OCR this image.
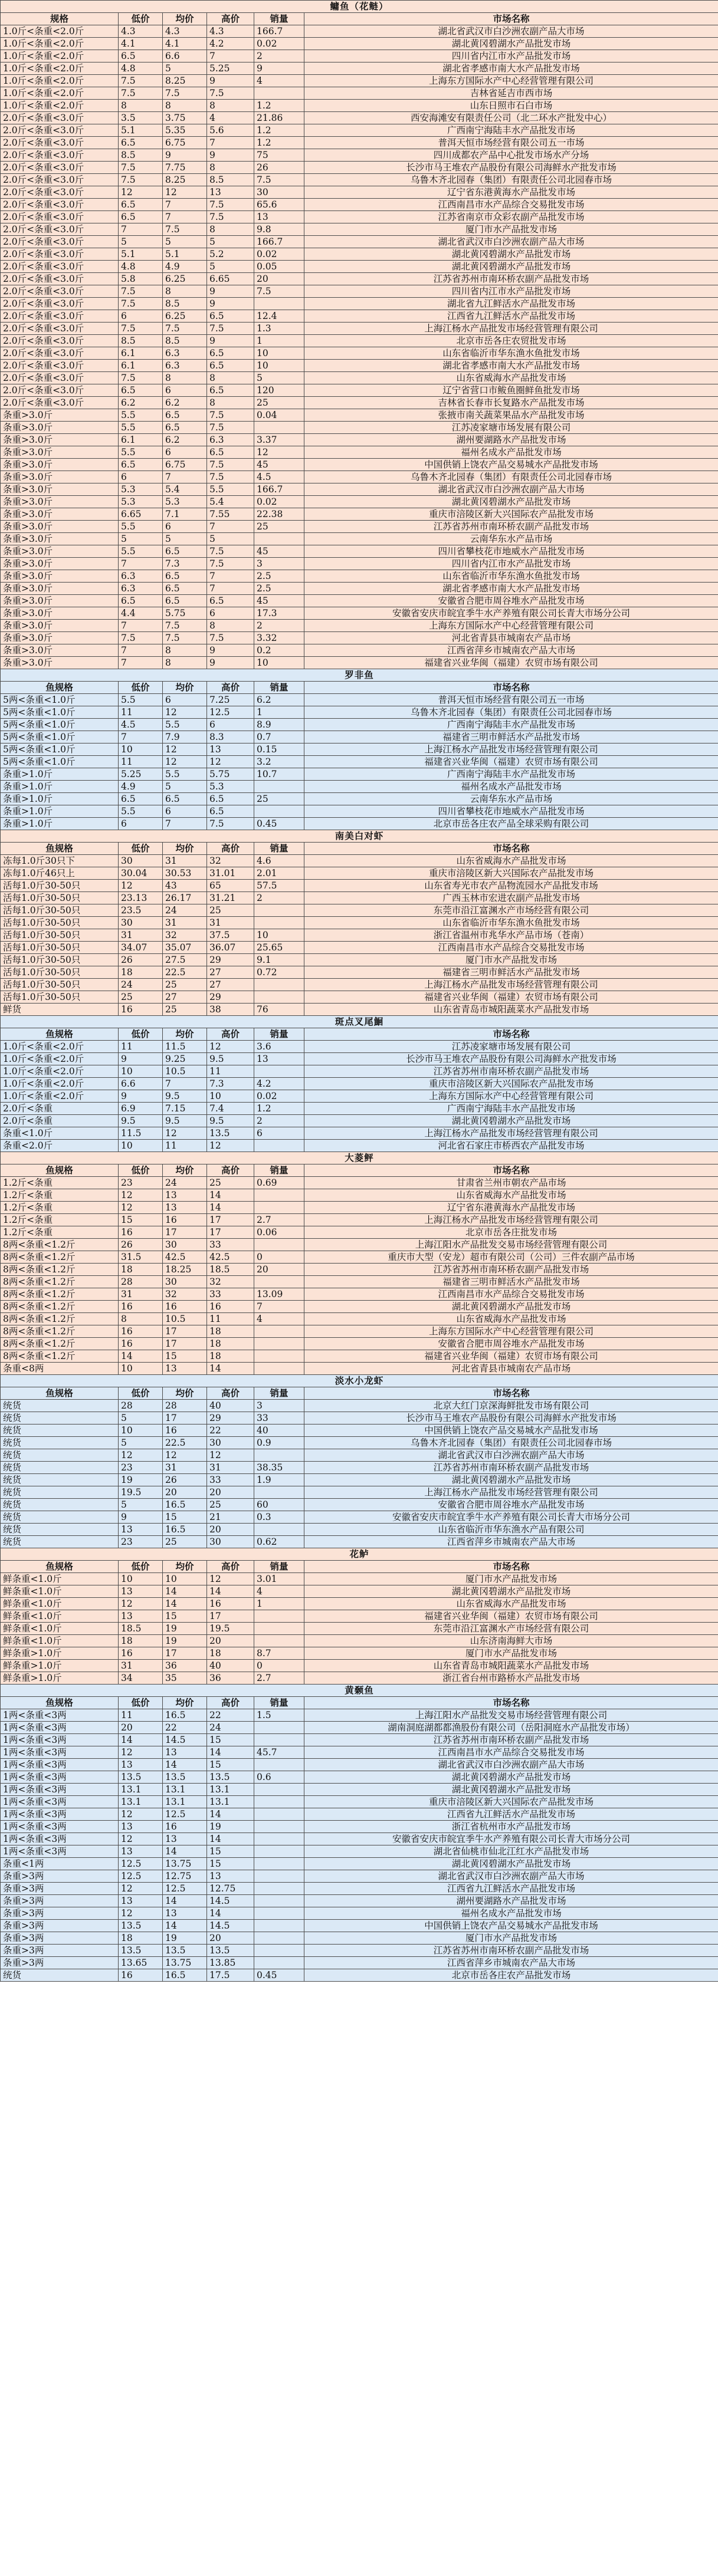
鳙鱼（花鲢）					
规格	低价	均价	高价	销量	市场名称
1.0斤<条重<2.0斤	4.3	4.3	4.3	166.7	湖北省武汉市白沙洲农副产品大市场
1.0斤<条重<2.0斤	4.1	4.1	4.2	0.02	湖北黄冈碧湖水产品批发市场
1.0斤<条重<2.0斤	6.5	6.6	7	2	四川省内江市水产品批发市场
1.0斤<条重<2.0斤	4.8	5	5.25	9	湖北省孝感市南大水产品批发市场
1.0斤<条重<2.0斤	7.5	8.25	9	4	上海东方国际水产中心经营管理有限公司
1.0斤<条重<2.0斤	7.5	7.5	7.5		吉林省延吉市西市场
1.0斤<条重<2.0斤	8	8	8	1.2	山东日照市石白市场
2.0斤<条重<3.0斤	3.5	3.75	4	21.86	西安海滩安有限责任公司（北二环水产批发中心）
2.0斤<条重<3.0斤	5.1	5.35	5.6	1.2	广西南宁海陆丰水产品批发市场
2.0斤<条重<3.0斤	6.5	6.75	7	1.2	普洱天恒市场经营有限公司五一市场
2.0斤<条重<3.0斤	8.5	9	9	75	四川成都农产品中心批发市场水产分场
2.0斤<条重<3.0斤	7.5	7.75	8	26	长沙市马王堆农产品股份有限公司海鲜水产批发市场
2.0斤<条重<3.0斤	7.5	8.25	8.5	7.5	乌鲁木齐北园春（集团）有限责任公司北园春市场
2.0斤<条重<3.0斤	12	12	13	30	辽宁省东港黄海水产品批发市场
2.0斤<条重<3.0斤	6.5	7	7.5	65.6	江西南昌市水产品综合交易批发市场
2.0斤<条重<3.0斤	6.5	7	7.5	13	江苏省南京市众彩农副产品批发市场
2.0斤<条重<3.0斤	7	7.5	8	9.8	厦门市水产品批发市场
2.0斤<条重<3.0斤	5	5	5	166.7	湖北省武汉市白沙洲农副产品大市场
2.0斤<条重<3.0斤	5.1	5.1	5.2	0.02	湖北黄冈碧湖水产品批发市场
2.0斤<条重<3.0斤	4.8	4.9	5	0.05	湖北黄冈碧湖水产品批发市场
2.0斤<条重<3.0斤	5.8	6.25	6.65	20	江苏省苏州市南环桥农副产品批发市场
2.0斤<条重<3.0斤	7.5	8	9	7.5	四川省内江市水产品批发市场
2.0斤<条重<3.0斤	7.5	8.5	9		湖北省九江鲜活水产品批发市场
2.0斤<条重<3.0斤	6	6.25	6.5	12.4	江西省九江鲜活水产品批发市场
2.0斤<条重<3.0斤	7.5	7.5	7.5	1.3	上海江杨水产品批发市场经营管理有限公司
2.0斤<条重<3.0斤	8.5	8.5	9	1	北京市岳各庄农贸批发市场
2.0斤<条重<3.0斤	6.1	6.3	6.5	10	山东省临沂市华东渔水鱼批发市场
2.0斤<条重<3.0斤	6.1	6.3	6.5	10	湖北省孝感市南大水产品批发市场
2.0斤<条重<3.0斤	7.5	8	8	5	山东省威海水产品批发市场
2.0斤<条重<3.0斤	6.5	6	6.5	120	辽宁省营口市鲅鱼圈鲜鱼批发市场
2.0斤<条重<3.0斤	6.2	6.2	8	25	吉林省长春市长复路水产品批发市场
条重>3.0斤	5.5	6.5	7.5	0.04	张掖市南关蔬菜果品水产品批发市场
条重>3.0斤	5.5	6.5	7.5		江苏凌家塘市场发展有限公司
条重>3.0斤	6.1	6.2	6.3	3.37	湖州要湖路水产品批发市场
条重>3.0斤	5.5	6	6.5	12	福州名成水产品批发市场
条重>3.0斤	6.5	6.75	7.5	45	中国供销上饶农产品交易城水产品批发市场
条重>3.0斤	6	7	7.5	4.5	乌鲁木齐北园春（集团）有限责任公司北园春市场
条重>3.0斤	5.3	5.4	5.5	166.7	湖北省武汉市白沙洲农副产品大市场
条重>3.0斤	5.3	5.3	5.4	0.02	湖北黄冈碧湖水产品批发市场
条重>3.0斤	6.65	7.1	7.55	22.38	重庆市涪陵区新大兴国际农产品批发市场
条重>3.0斤	5.5	6	7	25	江苏省苏州市南环桥农副产品批发市场
条重>3.0斤	5	5	5		云南华东水产品市场
条重>3.0斤	5.5	6.5	7.5	45	四川省攀枝花市地威水产品批发市场
条重>3.0斤	7	7.3	7.5	3	四川省内江市水产品批发市场
条重>3.0斤	6.3	6.5	7	2.5	山东省临沂市华东渔水鱼批发市场
条重>3.0斤	6.3	6.5	7	2.5	湖北省孝感市南大水产品批发市场
条重>3.0斤	6.5	6.5	6.5	45	安徽省合肥市周谷堆水产品批发市场
条重>3.0斤	4.4	5.75	6	17.3	安徽省安庆市皖宜季牛水产养殖有限公司长青大市场分公司
条重>3.0斤	7	7.5	8	2	上海东方国际水产中心经营管理有限公司
条重>3.0斤	7.5	7.5	7.5	3.32	河北省青县市城南农产品市场
条重>3.0斤	7	8	9	0.2	江西省萍乡市城南农产品大市场
条重>3.0斤	7	8	9	10	福建省兴业华闽（福建）农贸市场有限公司
罗非鱼					
鱼规格	低价	均价	高价	销量	市场名称
5两<条重<1.0斤	5.5	6	7.25	6.2	普洱天恒市场经营有限公司五一市场
5两<条重<1.0斤	11	12	12.5	1	乌鲁木齐北园春（集团）有限责任公司北园春市场
5两<条重<1.0斤	4.5	5.5	6	8.9	广西南宁海陆丰水产品批发市场
5两<条重<1.0斤	7	7.9	8.3	0.7	福建省三明市鲜活水产品批发市场
5两<条重<1.0斤	10	12	13	0.15	上海江杨水产品批发市场经营管理有限公司
5两<条重<1.0斤	11	12	12	3.2	福建省兴业华闽（福建）农贸市场有限公司
条重>1.0斤	5.25	5.5	5.75	10.7	广西南宁海陆丰水产品批发市场
条重>1.0斤	4.9	5	5.3		福州名成水产品批发市场
条重>1.0斤	6.5	6.5	6.5	25	云南华东水产品市场
条重>1.0斤	5.5	6	6.5		四川省攀枝花市地威水产品批发市场
条重>1.0斤	6	7	7.5	0.45	北京市岳各庄农产品全球采购有限公司
南美白对虾					
鱼规格	低价	均价	高价	销量	市场名称
冻每1.0斤30只下	30	31	32	4.6	山东省威海水产品批发市场
冻每1.0斤46只上	30.04	30.53	31.01	2.01	重庆市涪陵区新大兴国际农产品批发市场
活每1.0斤30-50只	12	43	65	57.5	山东省寿光市农产品物流园水产品批发市场
活每1.0斤30-50只	23.13	26.17	31.21	2	广西玉林市宏进农副产品批发市场
活每1.0斤30-50只	23.5	24	25		东莞市沿江富渊水产市场经营有限公司
活每1.0斤30-50只	30	31	31		山东省临沂市华东渔水鱼批发市场
活每1.0斤30-50只	31	32	37.5	10	浙江省温州市兆华水产品市场（苍南）
活每1.0斤30-50只	34.07	35.07	36.07	25.65	江西南昌市水产品综合交易批发市场
活每1.0斤30-50只	26	27.5	29	9.1	厦门市水产品批发市场
活每1.0斤30-50只	18	22.5	27	0.72	福建省三明市鲜活水产品批发市场
活每1.0斤30-50只	24	25	27		上海江杨水产品批发市场经营管理有限公司
活每1.0斤30-50只	25	27	29		福建省兴业华闽（福建）农贸市场有限公司
鲜货	16	25	38	76	山东省青岛市城阳蔬菜水产品批发市场
斑点叉尾鮰					
鱼规格	低价	均价	高价	销量	市场名称
1.0斤<条重<2.0斤	11	11.5	12	3.6	江苏凌家塘市场发展有限公司
1.0斤<条重<2.0斤	9	9.25	9.5	13	长沙市马王堆农产品股份有限公司海鲜水产批发市场
1.0斤<条重<2.0斤	10	10.5	11		江苏省苏州市南环桥农副产品批发市场
1.0斤<条重<2.0斤	6.6	7	7.3	4.2	重庆市涪陵区新大兴国际农产品批发市场
1.0斤<条重<2.0斤	9	9.5	10	0.02	上海东方国际水产中心经营管理有限公司
2.0斤<条重	6.9	7.15	7.4	1.2	广西南宁海陆丰水产品批发市场
2.0斤<条重	9.5	9.5	9.5	2	湖北黄冈碧湖水产品批发市场
条重<1.0斤	11.5	12	13.5	6	上海江杨水产品批发市场经营管理有限公司
条重<2.0斤	10	11	12		河北省石家庄市桥西农产品批发市场
大菱鲆					
鱼规格	低价	均价	高价	销量	市场名称
1.2斤<条重	23	24	25	0.69	甘肃省兰州市朝农产品市场
1.2斤<条重	12	13	14		山东省威海水产品批发市场
1.2斤<条重	12	13	14		辽宁省东港黄海水产品批发市场
1.2斤<条重	15	16	17	2.7	上海江杨水产品批发市场经营管理有限公司
1.2斤<条重	16	17	17	0.06	北京市岳各庄批发市场
8两<条重<1.2斤	26	30	33		上海江阳水产品批发交易市场经营管理有限公司
8两<条重<1.2斤	31.5	42.5	42.5	0	重庆市大型（安龙）超市有限公司（公司）三件农副产品市场
8两<条重<1.2斤	18	18.25	18.5	20	江苏省苏州市南环桥农副产品批发市场
8两<条重<1.2斤	28	30	32		福建省三明市鲜活水产品批发市场
8两<条重<1.2斤	31	32	33	13.09	江西南昌市水产品综合交易批发市场
8两<条重<1.2斤	16	16	16	7	湖北黄冈碧湖水产品批发市场
8两<条重<1.2斤	8	10.5	11	4	山东省威海水产品批发市场
8两<条重<1.2斤	16	17	18		上海东方国际水产中心经营管理有限公司
8两<条重<1.2斤	16	17	18		安徽省合肥市周谷堆水产品批发市场
8两<条重<1.2斤	14	15	18		福建省兴业华闽（福建）农贸市场有限公司
条重<8两	10	13	14		河北省青县市城南农产品市场
淡水小龙虾					
鱼规格	低价	均价	高价	销量	市场名称
统货	28	28	40	3	北京大红门京深海鲜批发市场有限公司
统货	5	17	29	33	长沙市马王堆农产品股份有限公司海鲜水产批发市场
统货	10	16	22	40	中国供销上饶农产品交易城水产品批发市场
统货	5	22.5	30	0.9	乌鲁木齐北园春（集团）有限责任公司北园春市场
统货	12	12	12		湖北省武汉市白沙洲农副产品大市场
统货	23	31	31	38.35	江苏省苏州市南环桥农副产品批发市场
统货	19	26	33	1.9	湖北黄冈碧湖水产品批发市场
统货	19.5	20	20		上海江杨水产品批发市场经营管理有限公司
统货	5	16.5	25	60	安徽省合肥市周谷堆水产品批发市场
统货	9	15	21	0.3	安徽省安庆市皖宜季牛水产养殖有限公司长青大市场分公司
统货	13	16.5	20		山东省临沂市华东渔水产品有限公司
统货	23	25	30	0.62	江西省萍乡市城南农产品大市场
花鲈					
鱼规格	低价	均价	高价	销量	市场名称
鲜条重<1.0斤	10	10	12	3.01	厦门市水产品批发市场
鲜条重<1.0斤	13	14	14	4	湖北黄冈碧湖水产品批发市场
鲜条重<1.0斤	12	14	16	1	山东省威海水产品批发市场
鲜条重<1.0斤	13	15	17		福建省兴业华闽（福建）农贸市场有限公司
鲜条重<1.0斤	18.5	19	19.5		东莞市沿江富渊水产市场经营有限公司
鲜条重<1.0斤	18	19	20		山东济南海鲜大市场
鲜条重>1.0斤	16	17	18	8.7	厦门市水产品批发市场
鲜条重>1.0斤	31	36	40	0	山东省青岛市城阳蔬菜水产品批发市场
鲜条重>1.0斤	34	35	36	2.7	浙江省台州市路桥水产品批发市场
黄颡鱼					
鱼规格	低价	均价	高价	销量	市场名称
1两<条重<3两	11	16.5	22	1.5	上海江阳水产品批发交易市场经营管理有限公司
1两<条重<3两	20	22	24		湖南洞庭湖都都渔股份有限公司（岳阳洞庭水产品批发市场）
1两<条重<3两	14	14.5	15		江苏省苏州市南环桥农副产品批发市场
1两<条重<3两	12	13	14	45.7	江西南昌市水产品综合交易批发市场
1两<条重<3两	13	14	15		湖北省武汉市白沙洲农副产品大市场
1两<条重<3两	13.5	13.5	13.5	0.6	湖北黄冈碧湖水产品批发市场
1两<条重<3两	13.1	13.1	13.1		湖北黄冈碧湖水产品批发市场
1两<条重<3两	13.1	13.1	13.1		重庆市涪陵区新大兴国际农产品批发市场
1两<条重<3两	12	12.5	14		江西省九江鲜活水产品批发市场
1两<条重<3两	13	16	19		浙江省杭州市水产品批发市场
1两<条重<3两	12	13	14		安徽省安庆市皖宜季牛水产养殖有限公司长青大市场分公司
1两<条重<3两	13	14	15		湖北省仙桃市仙北江红水产品批发市场
条重<1两	12.5	13.75	15		湖北黄冈碧湖水产品批发市场
条重>3两	12.5	12.75	13		湖北省武汉市白沙洲农副产品大市场
条重>3两	12	12.5	12.75		江西省九江鲜活水产品批发市场
条重>3两	13	14	14.5		湖州要湖路水产品批发市场
条重>3两	12	13	14		福州名成水产品批发市场
条重>3两	13.5	14	14.5		中国供销上饶农产品交易城水产品批发市场
条重>3两	18	19	20		厦门市水产品批发市场
条重>3两	13.5	13.5	13.5		江苏省苏州市南环桥农副产品批发市场
条重>3两	13.65	13.75	13.85		江西省萍乡市城南农产品大市场
统货	16	16.5	17.5	0.45	北京市岳各庄农产品批发市场
